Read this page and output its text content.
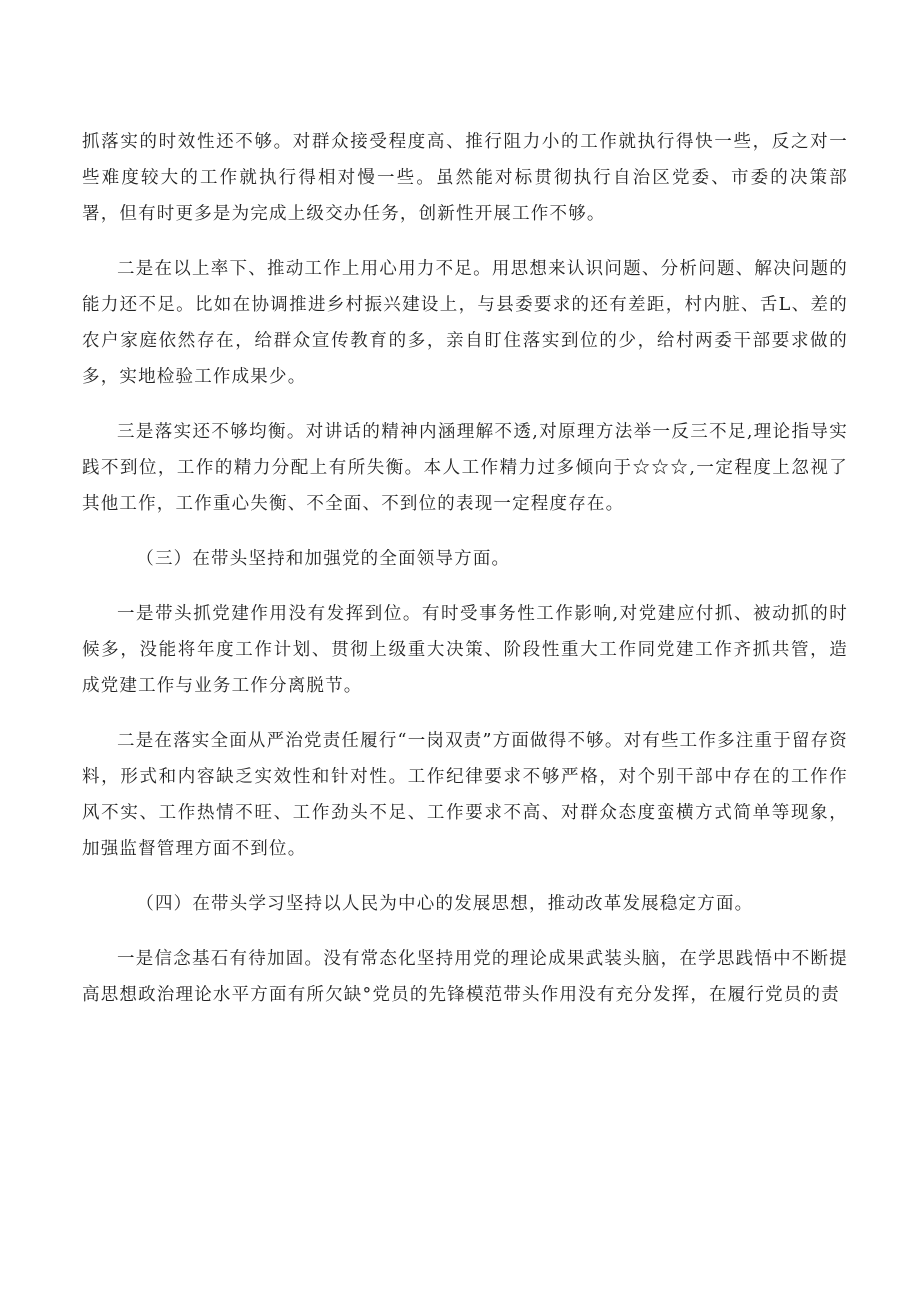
抓落实的时效性还不够。对群众接受程度高、推行阻力小的工作就执行得快一些，反之对一些难度较大的工作就执行得相对慢一些。虽然能对标贯彻执行自治区党委、市委的决策部署，但有时更多是为完成上级交办任务，创新性开展工作不够。

二是在以上率下、推动工作上用心用力不足。用思想来认识问题、分析问题、解决问题的能力还不足。比如在协调推进乡村振兴建设上，与县委要求的还有差距，村内脏、舌L、差的农户家庭依然存在，给群众宣传教育的多，亲自盯住落实到位的少，给村两委干部要求做的多，实地检验工作成果少。

三是落实还不够均衡。对讲话的精神内涵理解不透,对原理方法举一反三不足,理论指导实践不到位，工作的精力分配上有所失衡。本人工作精力过多倾向于☆☆☆,一定程度上忽视了其他工作，工作重心失衡、不全面、不到位的表现一定程度存在。

（三）在带头坚持和加强党的全面领导方面。

一是带头抓党建作用没有发挥到位。有时受事务性工作影响,对党建应付抓、被动抓的时候多，没能将年度工作计划、贯彻上级重大决策、阶段性重大工作同党建工作齐抓共管，造成党建工作与业务工作分离脱节。

二是在落实全面从严治党责任履行“一岗双责”方面做得不够。对有些工作多注重于留存资料，形式和内容缺乏实效性和针对性。工作纪律要求不够严格，对个别干部中存在的工作作风不实、工作热情不旺、工作劲头不足、工作要求不高、对群众态度蛮横方式简单等现象，加强监督管理方面不到位。

（四）在带头学习坚持以人民为中心的发展思想，推动改革发展稳定方面。

一是信念基石有待加固。没有常态化坚持用党的理论成果武装头脑，在学思践悟中不断提高思想政治理论水平方面有所欠缺°党员的先锋模范带头作用没有充分发挥，在履行党员的责
